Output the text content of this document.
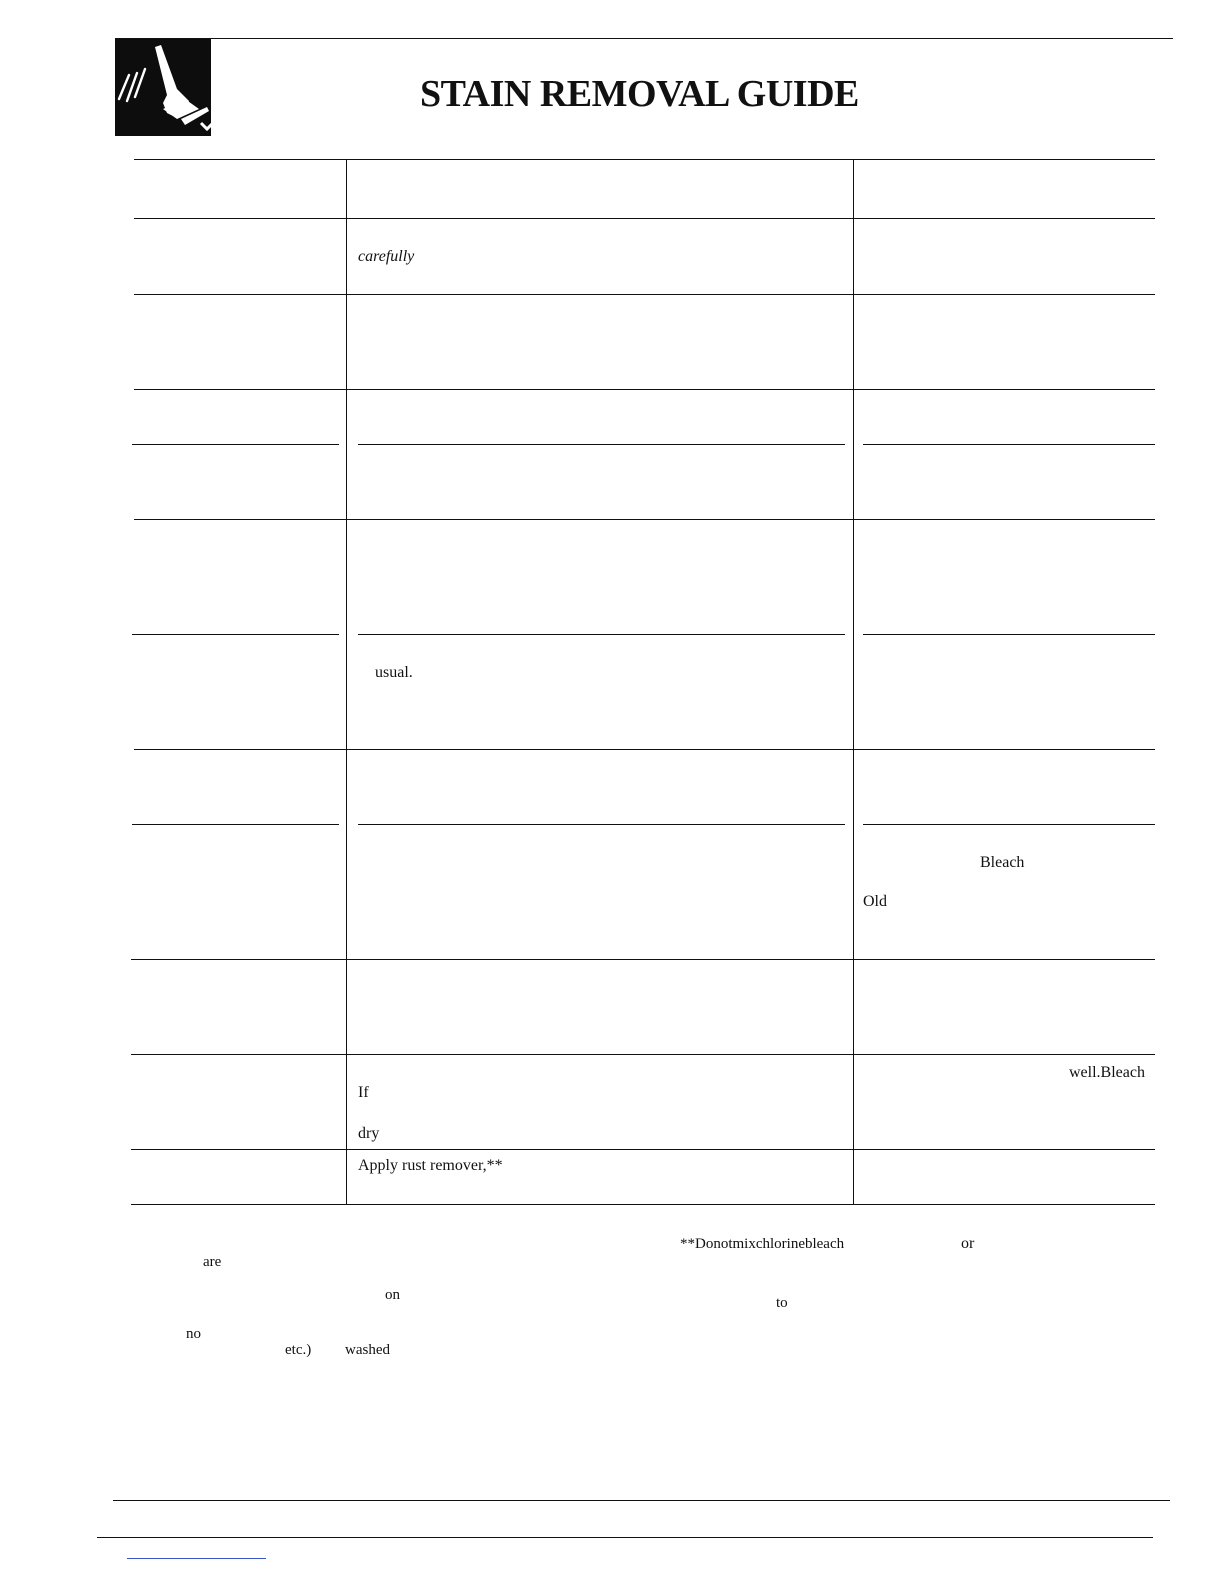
STAIN REMOVAL GUIDE
carefully
usual.
Bleach
Old
well.Bleach
If
dry
Apply rust remover,**
**Donotmixchlorinebleach	or
are
on	to
no
etc.) washed
